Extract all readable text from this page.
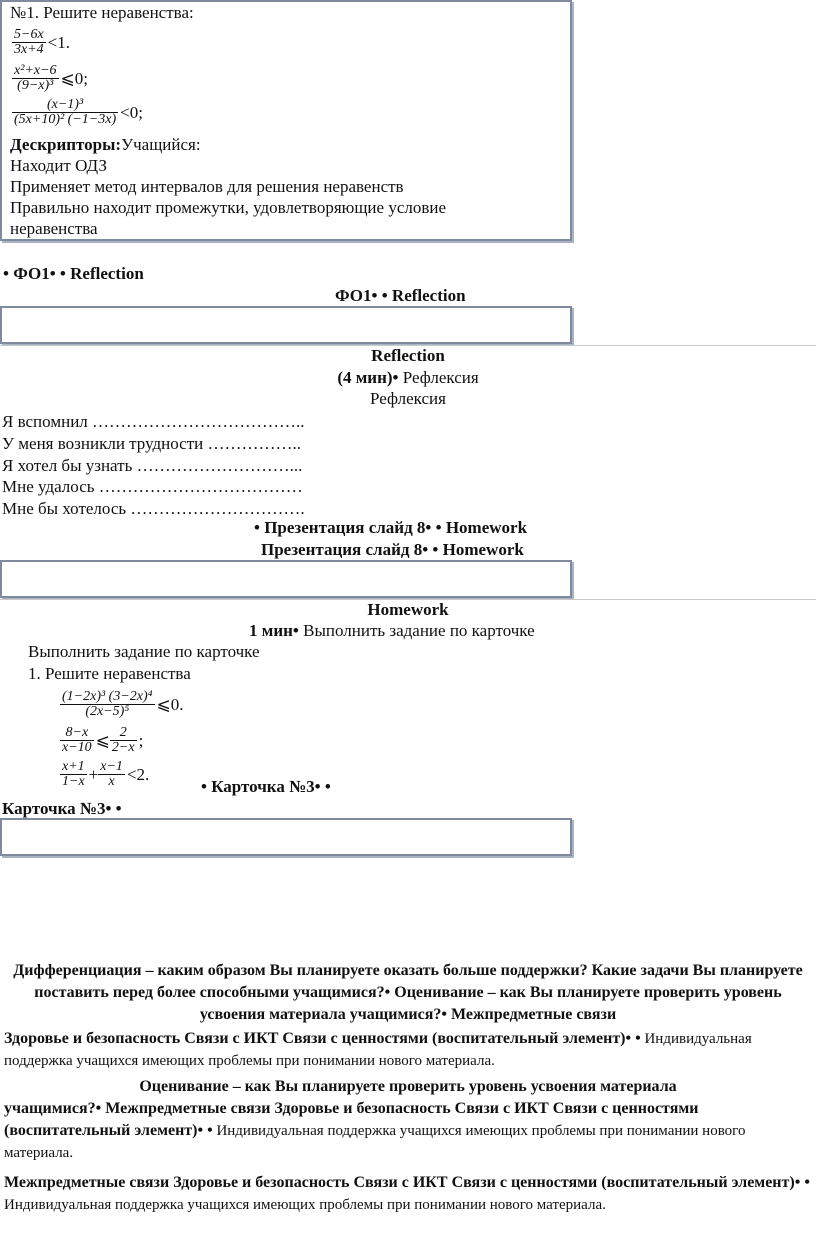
№1. Решите неравенства:
$\frac{5-6x}{3x+4} <1$.
$\frac{\text{x²+x−6}}{\text{(9−x)³}}$ ⩽0;
$\frac{\text{(x−1)³}}{\text{(5x+10)² (−1−3x)}} <0$;
Дескрипторы:Учащийся:
Находит ОДЗ
Применяет метод интервалов для решения неравенств
Правильно находит промежутки, удовлетворяющие условие
неравенства
• ФО1• • Reflection
ФО1• • Reflection
Reflection
(4 мин)• Рефлексия
Рефлексия
Я вспомнил ………………………………..
У меня возникли трудности ……………..
Я хотел бы узнать ………………………...
Мне удалось ………………………………
Мне бы хотелось ………………………….
• Презентация слайд 8• • Homework
Презентация слайд 8• • Homework
Homework
1 мин• Выполнить задание по карточке
Выполнить задание по карточке
1. Решите неравенства
$\frac{\text{(1−2x)³ (3−2x)⁴}}{\text{(2x−5)⁵}}$ ⩽0.
$\frac{8-x}{x-10}$ ⩽ $\frac{2}{2-x}$ ;
$\frac{x+1}{1-x} + \frac{x-1}{x} <2$.
• Карточка №3• •
Карточка №3• •
Дифференциация – каким образом Вы планируете оказать больше поддержки? Какие задачи Вы планируете поставить перед более способными учащимися?• Оценивание – как Вы планируете проверить уровень усвоения материала учащимися?• Межпредметные связи
Здоровье и безопасность Связи с ИКТ Связи с ценностями (воспитательный элемент)• • Индивидуальная поддержка учащихся имеющих проблемы при понимании нового материала.
Оценивание – как Вы планируете проверить уровень усвоения материала
учащимися?• Межпредметные связи Здоровье и безопасность Связи с ИКТ Связи с ценностями (воспитательный элемент)• • Индивидуальная поддержка учащихся имеющих проблемы при понимании нового материала.
Межпредметные связи Здоровье и безопасность Связи с ИКТ Связи с ценностями (воспитательный элемент)• • Индивидуальная поддержка учащихся имеющих проблемы при понимании нового материала.
